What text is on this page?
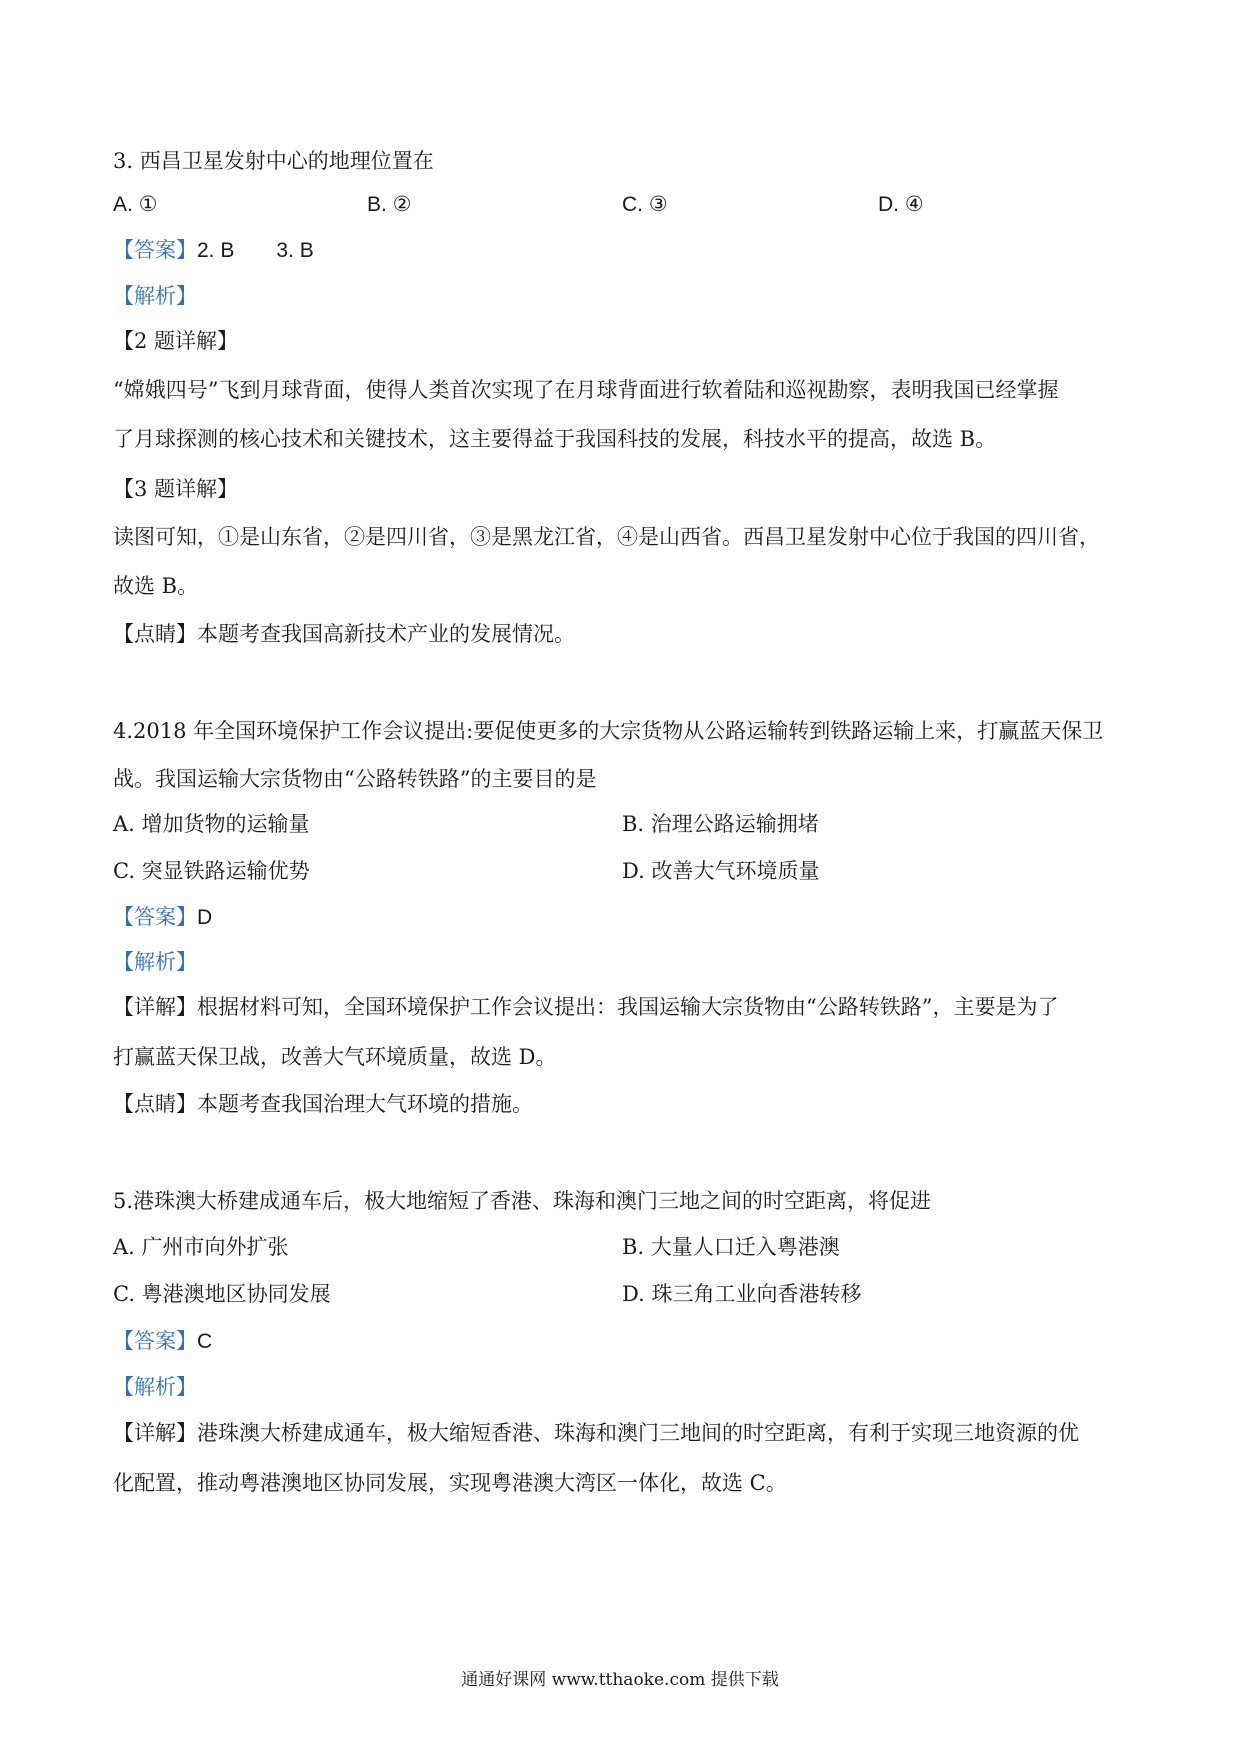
3. 西昌卫星发射中心的地理位置在
A. ①	B. ②	C. ③	D. ④
【答案】2. B　　3. B
【解析】
【2 题详解】
“嫦娥四号”飞到月球背面，使得人类首次实现了在月球背面进行软着陆和巡视勘察，表明我国已经掌握
了月球探测的核心技术和关键技术，这主要得益于我国科技的发展，科技水平的提高，故选 B。
【3 题详解】
读图可知，①是山东省，②是四川省，③是黑龙江省，④是山西省。西昌卫星发射中心位于我国的四川省，
故选 B。
【点睛】本题考查我国高新技术产业的发展情况。
4.2018 年全国环境保护工作会议提出:要促使更多的大宗货物从公路运输转到铁路运输上来，打赢蓝天保卫
战。我国运输大宗货物由“公路转铁路”的主要目的是
A. 增加货物的运输量	B. 治理公路运输拥堵
C. 突显铁路运输优势	D. 改善大气环境质量
【答案】D
【解析】
【详解】根据材料可知，全国环境保护工作会议提出：我国运输大宗货物由“公路转铁路”，主要是为了
打赢蓝天保卫战，改善大气环境质量，故选 D。
【点睛】本题考查我国治理大气环境的措施。
5.港珠澳大桥建成通车后，极大地缩短了香港、珠海和澳门三地之间的时空距离，将促进
A. 广州市向外扩张	B. 大量人口迁入粤港澳
C. 粤港澳地区协同发展	D. 珠三角工业向香港转移
【答案】C
【解析】
【详解】港珠澳大桥建成通车，极大缩短香港、珠海和澳门三地间的时空距离，有利于实现三地资源的优
化配置，推动粤港澳地区协同发展，实现粤港澳大湾区一体化，故选 C。
通通好课网 www.tthaoke.com 提供下载
